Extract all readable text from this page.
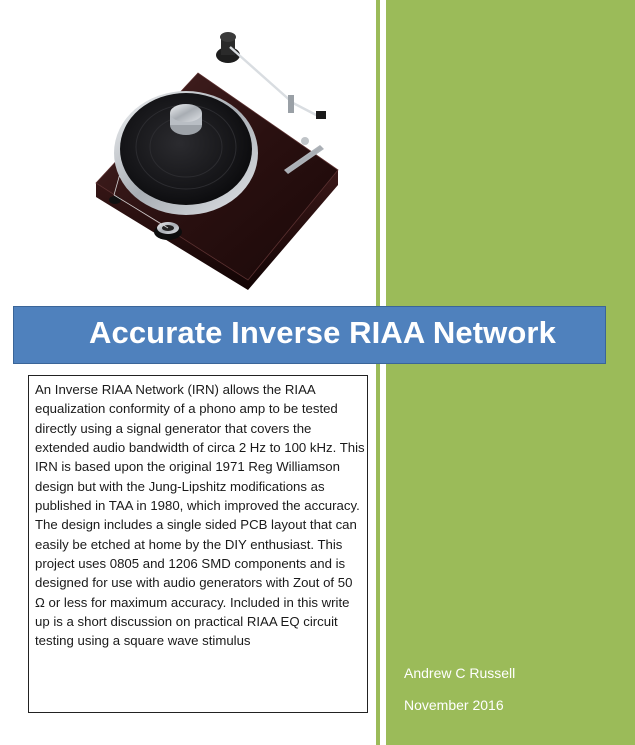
Accurate Inverse RIAA Network

An Inverse RIAA Network (IRN) allows the RIAA equalization conformity of a phono amp to be tested directly using a signal generator that covers the extended audio bandwidth of circa 2 Hz to 100 kHz. This IRN is based upon the original 1971 Reg Williamson design but with the Jung-Lipshitz modifications as published in TAA in 1980, which improved the accuracy. The design includes a single sided PCB layout that can easily be etched at home by the DIY enthusiast. This project uses 0805 and 1206 SMD components and is designed for use with audio generators with Zout of 50 Ω or less for maximum accuracy. Included in this write up is a short discussion on practical RIAA EQ circuit testing using a square wave stimulus

Andrew C Russell
November 2016
